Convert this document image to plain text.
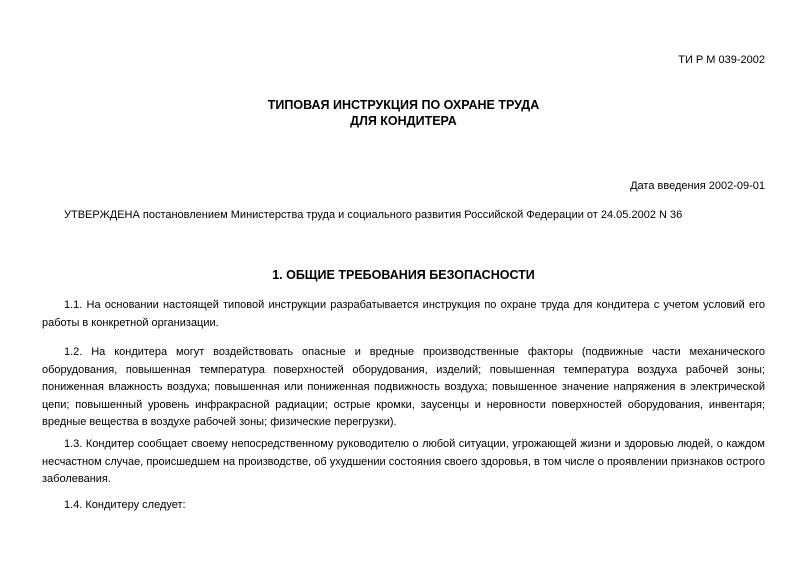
ТИ Р М 039-2002
ТИПОВАЯ ИНСТРУКЦИЯ ПО ОХРАНЕ ТРУДА
ДЛЯ КОНДИТЕРА
Дата введения 2002-09-01
УТВЕРЖДЕНА постановлением Министерства труда и социального развития Российской Федерации от 24.05.2002 N 36
1. ОБЩИЕ ТРЕБОВАНИЯ БЕЗОПАСНОСТИ
1.1. На основании настоящей типовой инструкции разрабатывается инструкция по охране труда для кондитера с учетом условий его работы в конкретной организации.
1.2. На кондитера могут воздействовать опасные и вредные производственные факторы (подвижные части механического оборудования, повышенная температура поверхностей оборудования, изделий; повышенная температура воздуха рабочей зоны; пониженная влажность воздуха; повышенная или пониженная подвижность воздуха; повышенное значение напряжения в электрической цепи; повышенный уровень инфракрасной радиации; острые кромки, заусенцы и неровности поверхностей оборудования, инвентаря; вредные вещества в воздухе рабочей зоны; физические перегрузки).
1.3. Кондитер сообщает своему непосредственному руководителю о любой ситуации, угрожающей жизни и здоровью людей, о каждом несчастном случае, происшедшем на производстве, об ухудшении состояния своего здоровья, в том числе о проявлении признаков острого заболевания.
1.4. Кондитеру следует:
